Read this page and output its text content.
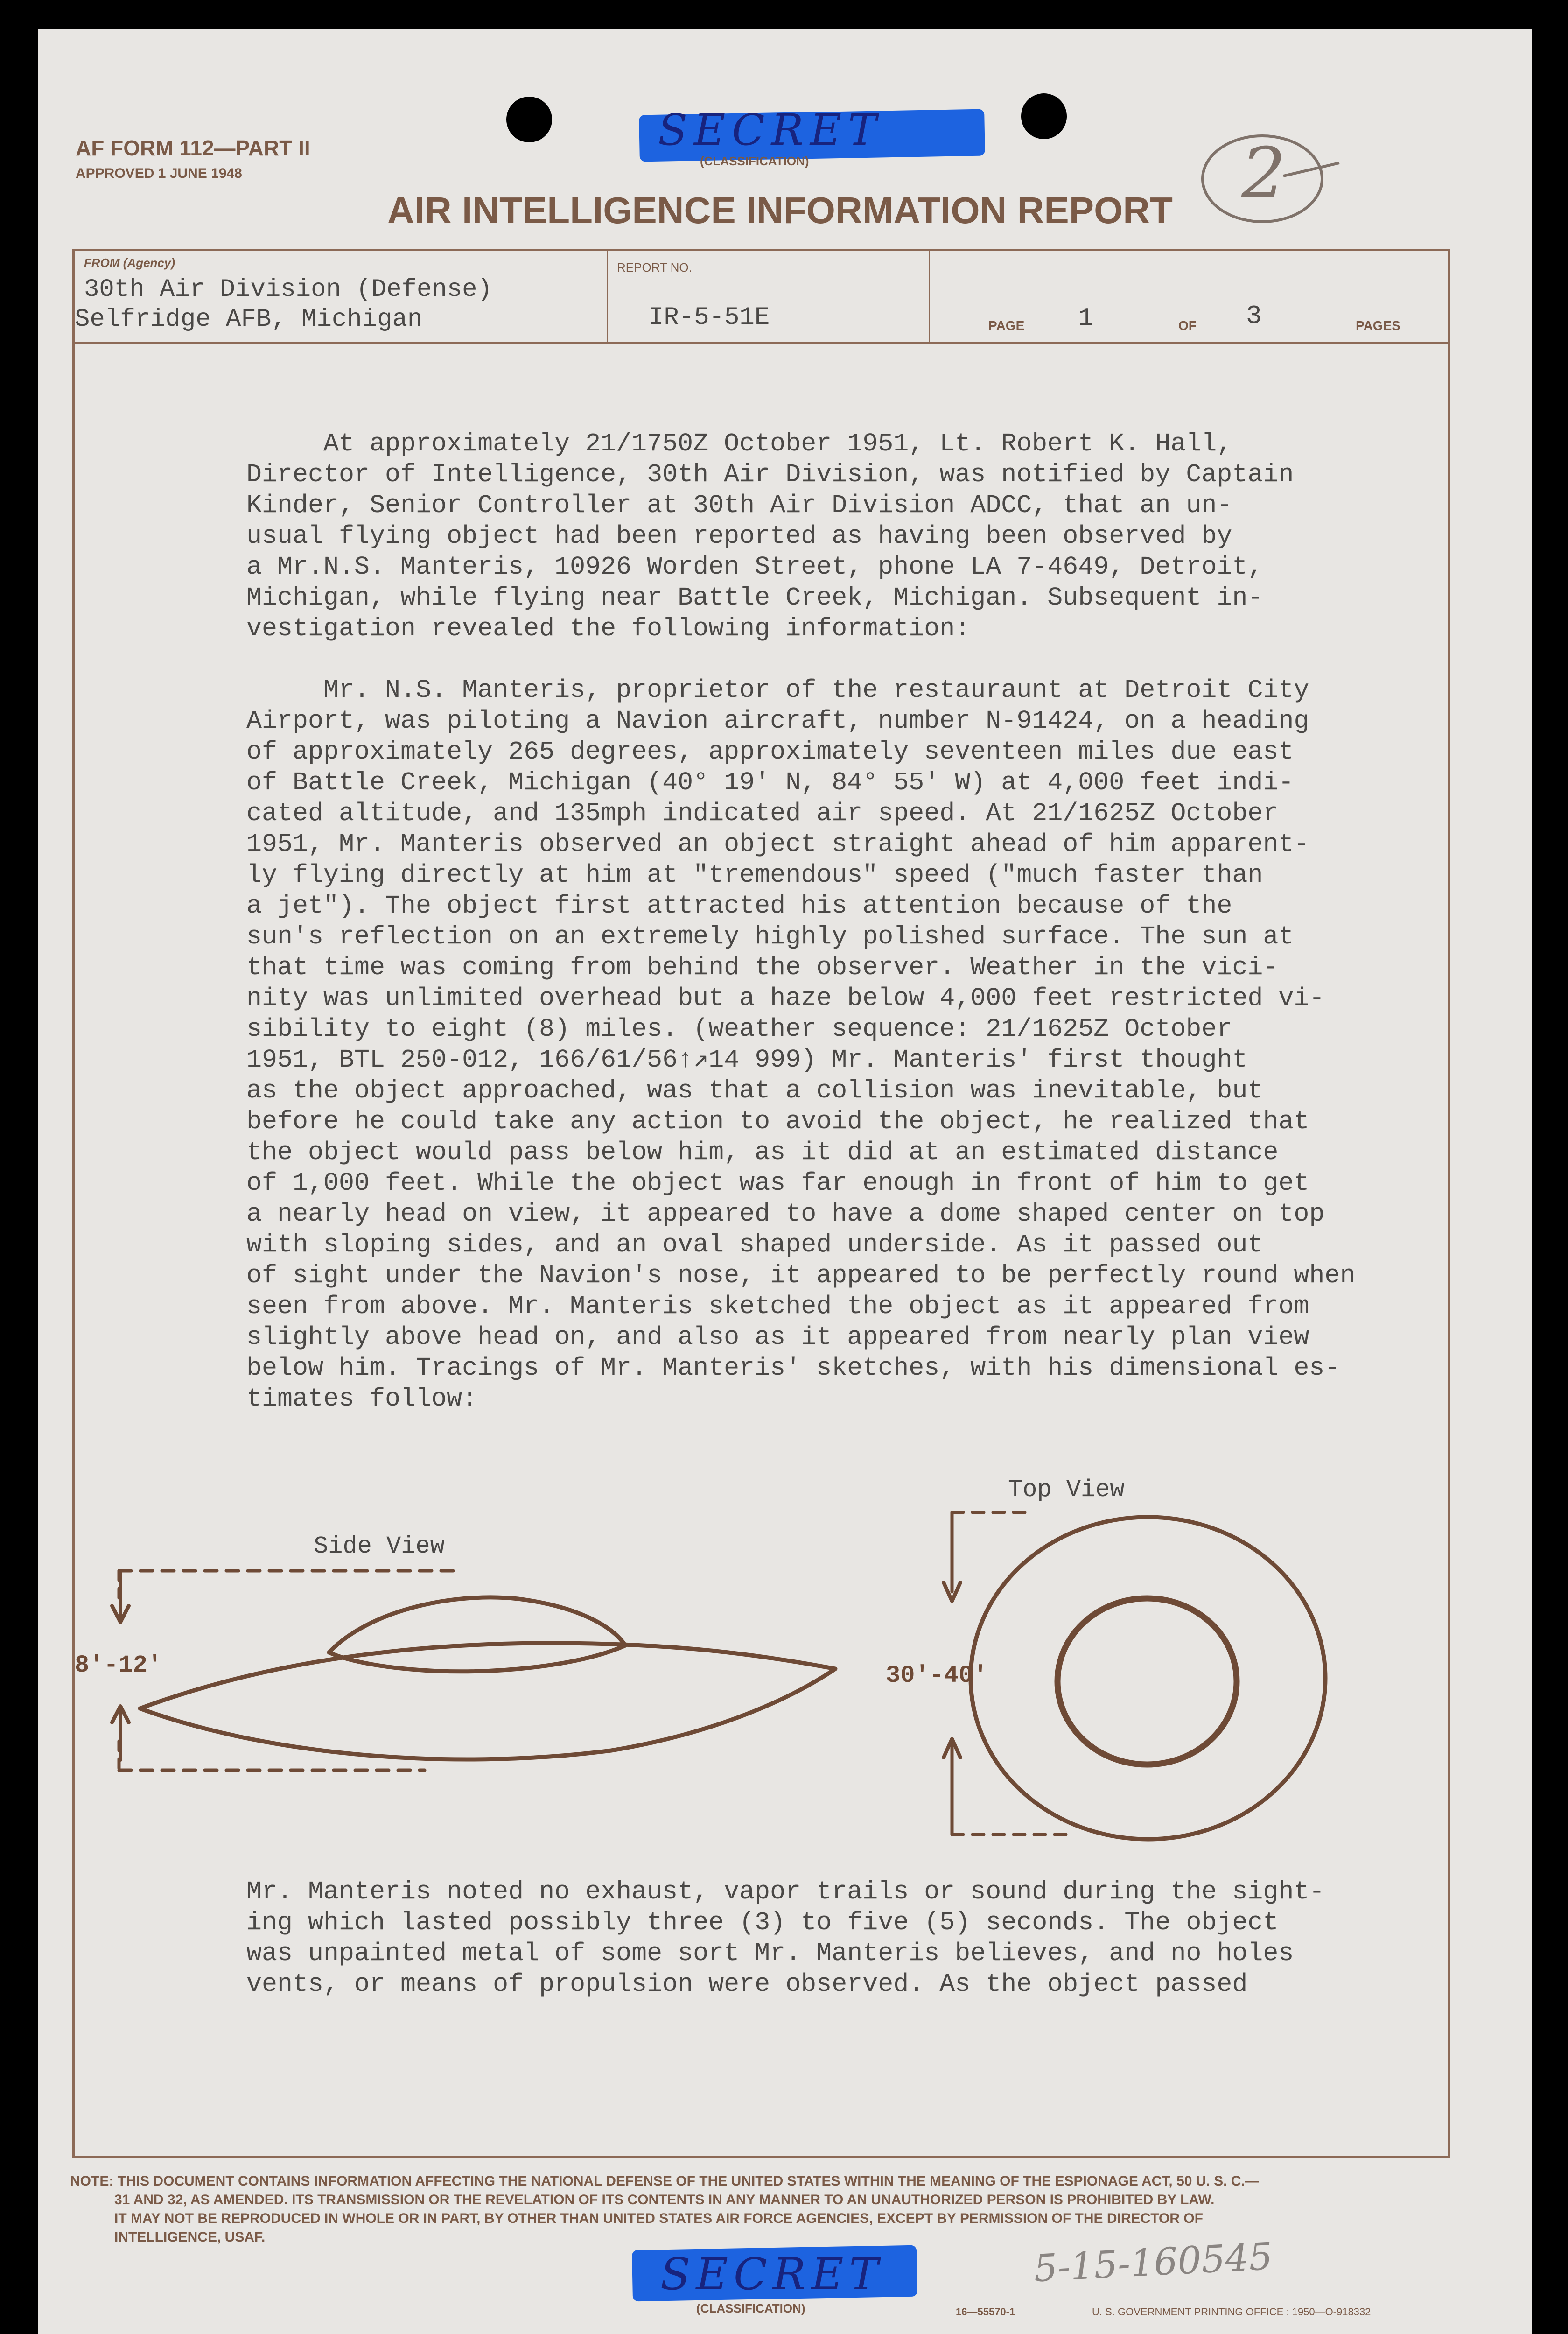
AF FORM 112—PART II
APPROVED 1 JUNE 1948
SECRET
(CLASSIFICATION)	2
AIR INTELLIGENCE INFORMATION REPORT
FROM (Agency)
30th Air Division (Defense)
Selfridge AFB, Michigan
REPORT NO.
IR-5-51E	PAGE 1	OF 3	PAGES
At approximately 21/1750Z October 1951, Lt. Robert K. Hall,
Director of Intelligence, 30th Air Division, was notified by Captain
Kinder, Senior Controller at 30th Air Division ADCC, that an un-
usual flying object had been reported as having been observed by
a Mr.N.S. Manteris, 10926 Worden Street, phone LA 7-4649, Detroit,
Michigan, while flying near Battle Creek, Michigan. Subsequent in-
vestigation revealed the following information:
Mr. N.S. Manteris, proprietor of the restauraunt at Detroit City
Airport, was piloting a Navion aircraft, number N-91424, on a heading
of approximately 265 degrees, approximately seventeen miles due east
of Battle Creek, Michigan (40° 19' N, 84° 55' W) at 4,000 feet indi-
cated altitude, and 135mph indicated air speed. At 21/1625Z October
1951, Mr. Manteris observed an object straight ahead of him apparent-
ly flying directly at him at "tremendous" speed ("much faster than
a jet"). The object first attracted his attention because of the
sun's reflection on an extremely highly polished surface. The sun at
that time was coming from behind the observer. Weather in the vici-
nity was unlimited overhead but a haze below 4,000 feet restricted vi-
sibility to eight (8) miles. (weather sequence: 21/1625Z October
1951, BTL 250-012, 166/61/56↑↗14 999) Mr. Manteris' first thought
as the object approached, was that a collision was inevitable, but
before he could take any action to avoid the object, he realized that
the object would pass below him, as it did at an estimated distance
of 1,000 feet. While the object was far enough in front of him to get
a nearly head on view, it appeared to have a dome shaped center on top
with sloping sides, and an oval shaped underside. As it passed out
of sight under the Navion's nose, it appeared to be perfectly round when
seen from above. Mr. Manteris sketched the object as it appeared from
slightly above head on, and also as it appeared from nearly plan view
below him. Tracings of Mr. Manteris' sketches, with his dimensional es-
timates follow:
Side View
8'-12'
Top View
30'-40'
Mr. Manteris noted no exhaust, vapor trails or sound during the sight-
ing which lasted possibly three (3) to five (5) seconds. The object
was unpainted metal of some sort Mr. Manteris believes, and no holes
vents, or means of propulsion were observed. As the object passed
NOTE: THIS DOCUMENT CONTAINS INFORMATION AFFECTING THE NATIONAL DEFENSE OF THE UNITED STATES WITHIN THE MEANING OF THE ESPIONAGE ACT, 50 U. S. C.—
31 AND 32, AS AMENDED. ITS TRANSMISSION OR THE REVELATION OF ITS CONTENTS IN ANY MANNER TO AN UNAUTHORIZED PERSON IS PROHIBITED BY LAW.
IT MAY NOT BE REPRODUCED IN WHOLE OR IN PART, BY OTHER THAN UNITED STATES AIR FORCE AGENCIES, EXCEPT BY PERMISSION OF THE DIRECTOR OF
INTELLIGENCE, USAF.
SECRET
(CLASSIFICATION)
5-15-160545
16—55570-1	U. S. GOVERNMENT PRINTING OFFICE : 1950—O-918332
